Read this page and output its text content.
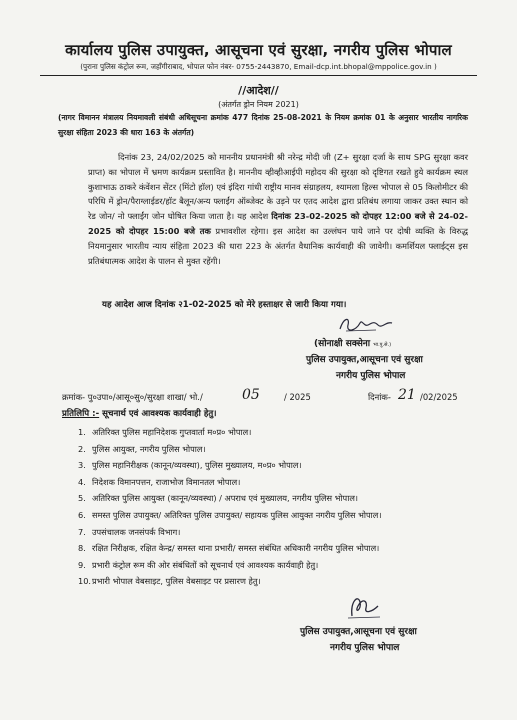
कार्यालय पुलिस उपायुक्त, आसूचना एवं सुरक्षा, नगरीय पुलिस भोपाल
(पुराना पुलिस कंट्रोल रूम, जहाँगीराबाद, भोपाल फोन नंबर- 0755-2443870, Email-dcp.int.bhopal@mppolice.gov.in )
//आदेश//
(अंतर्गत ड्रोन नियम 2021)
(नागर विमानन मंत्रालय नियमावली संबंधी अधिसूचना क्रमांक 477 दिनांक 25-08-2021 के नियम क्रमांक 01 के अनुसार भारतीय नागरिक सुरक्षा संहिता 2023 की धारा 163 के अंतर्गत)
दिनांक 23, 24/02/2025 को माननीय प्रधानमंत्री श्री नरेन्द्र मोदी जी (Z+ सुरक्षा दर्जा के साथ SPG सुरक्षा कवर प्राप्त) का भोपाल में भ्रमण कार्यक्रम प्रस्तावित है। माननीय व्हीव्हीआईपी महोदय की सुरक्षा को दृष्टिगत रखते हुये कार्यक्रम स्थल कुशाभाऊ ठाकरे कंवेंशन सेंटर (मिंटो हॉल) एवं इंदिरा गांधी राष्ट्रीय मानव संग्राहलय, श्यामला हिल्स भोपाल से 05 किलोमीटर की परिधि में ड्रोन/पैराग्लाईडर/हॉट बैलून/अन्य फ्लाईंग ऑब्जेक्ट के उड़ने पर एतद आदेश द्वारा प्रतिबंध लगाया जाकर उक्त स्थान को रेड जोन/ नो फ्लाईंग जोन घोषित किया जाता है। यह आदेश दिनांक 23-02-2025 को दोपहर 12:00 बजे से 24-02-2025 को दोपहर 15:00 बजे तक प्रभावशील रहेगा। इस आदेश का उल्लंघन पाये जाने पर दोषी व्यक्ति के विरुद्ध नियमानुसार भारतीय न्याय संहिता 2023 की धारा 223 के अंतर्गत वैधानिक कार्यवाही की जावेगी। कमर्शियल फ्लाईट्स इस प्रतिबंधात्मक आदेश के पालन से मुक्त रहेंगी।
यह आदेश आज दिनांक २1-02-2025 को मेरे हस्ताक्षर से जारी किया गया।
(सोनाक्षी सक्सेना भा.पु.से.)
पुलिस उपायुक्त,आसूचना एवं सुरक्षा
नगरीय पुलिस भोपाल
क्रमांक- पु०उपा०/आसू०सु०/सुरक्षा शाखा/ भो./	05	/ 2025	दिनांक- 21 /02/2025
प्रतिलिपि :- सूचनार्थ एवं आवश्यक कार्यवाही हेतु।
1. अतिरिक्त पुलिस महानिदेशक गुप्तवार्ता म०प्र० भोपाल।
2. पुलिस आयुक्त, नगरीय पुलिस भोपाल।
3. पुलिस महानिरीक्षक (कानून/व्यवस्था), पुलिस मुख्यालय, म०प्र० भोपाल।
4. निदेशक विमानपत्तन, राजाभोज विमानतल भोपाल।
5. अतिरिक्त पुलिस आयुक्त (कानून/व्यवस्था) / अपराध एवं मुख्यालय, नगरीय पुलिस भोपाल।
6. समस्त पुलिस उपायुक्त/ अतिरिक्त पुलिस उपायुक्त/ सहायक पुलिस आयुक्त नगरीय पुलिस भोपाल।
7. उपसंचालक जनसंपर्क विभाग।
8. रक्षित निरीक्षक, रक्षित केन्द्र/ समस्त थाना प्रभारी/ समस्त संबंधित अधिकारी नगरीय पुलिस भोपाल।
9. प्रभारी कंट्रोल रूम की ओर संबंधितों को सूचनार्थ एवं आवश्यक कार्यवाही हेतु।
10.प्रभारी भोपाल वेबसाइट, पुलिस वेबसाइट पर प्रसारण हेतु।
पुलिस उपायुक्त,आसूचना एवं सुरक्षा
नगरीय पुलिस भोपाल
